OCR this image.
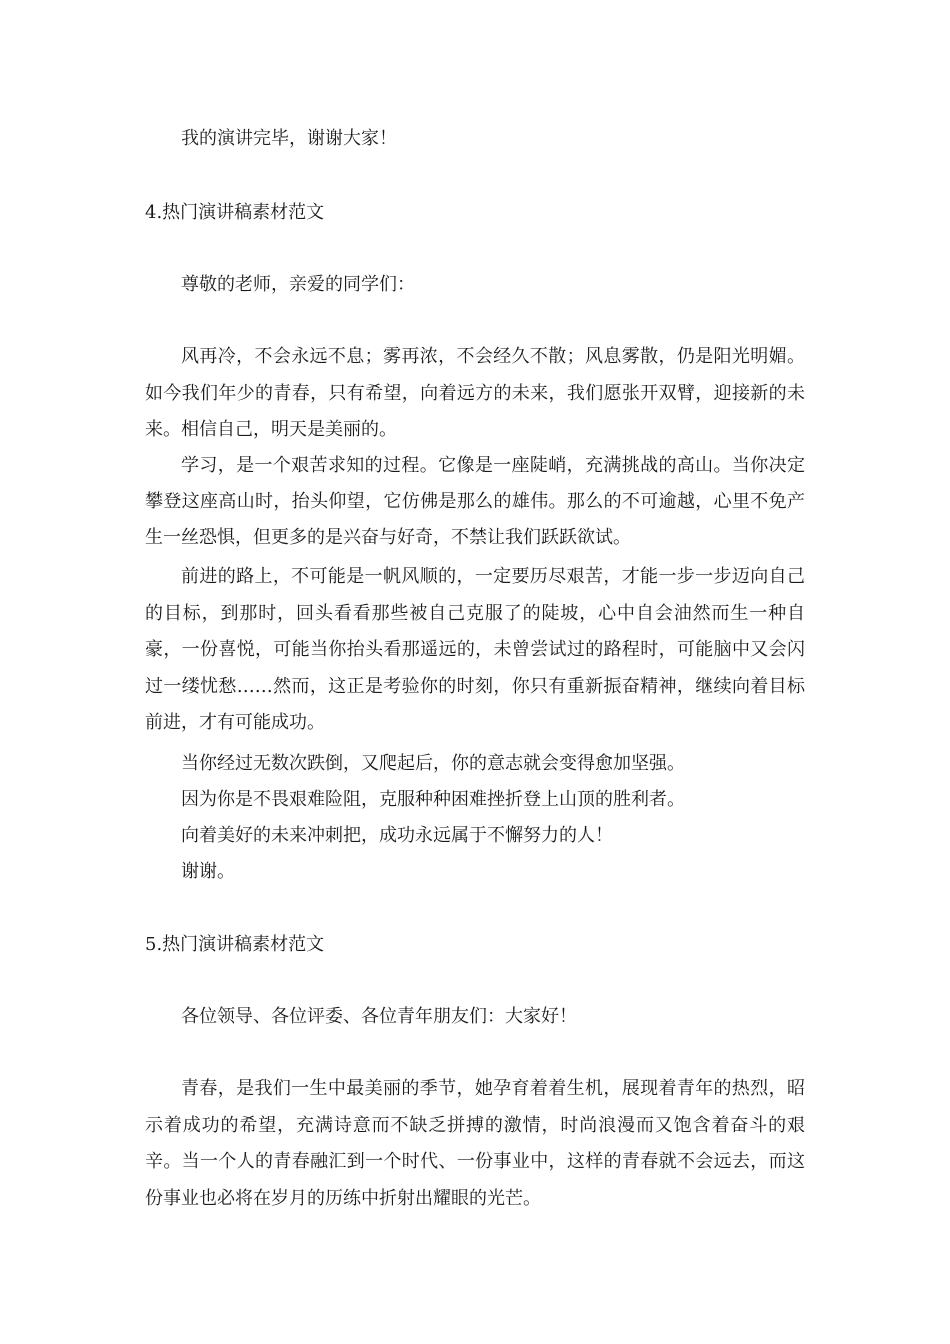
我的演讲完毕，谢谢大家！

4.热门演讲稿素材范文

尊敬的老师，亲爱的同学们：

风再冷，不会永远不息；雾再浓，不会经久不散；风息雾散，仍是阳光明媚。如今我们年少的青春，只有希望，向着远方的未来，我们愿张开双臂，迎接新的未来。相信自己，明天是美丽的。

学习，是一个艰苦求知的过程。它像是一座陡峭，充满挑战的高山。当你决定攀登这座高山时，抬头仰望，它仿佛是那么的雄伟。那么的不可逾越，心里不免产生一丝恐惧，但更多的是兴奋与好奇，不禁让我们跃跃欲试。

前进的路上，不可能是一帆风顺的，一定要历尽艰苦，才能一步一步迈向自己的目标，到那时，回头看看那些被自己克服了的陡坡，心中自会油然而生一种自豪，一份喜悦，可能当你抬头看那遥远的，未曾尝试过的路程时，可能脑中又会闪过一缕忧愁……然而，这正是考验你的时刻，你只有重新振奋精神，继续向着目标前进，才有可能成功。

当你经过无数次跌倒，又爬起后，你的意志就会变得愈加坚强。

因为你是不畏艰难险阻，克服种种困难挫折登上山顶的胜利者。

向着美好的未来冲刺把，成功永远属于不懈努力的人！

谢谢。

5.热门演讲稿素材范文

各位领导、各位评委、各位青年朋友们：大家好！

青春，是我们一生中最美丽的季节，她孕育着着生机，展现着青年的热烈，昭示着成功的希望，充满诗意而不缺乏拼搏的激情，时尚浪漫而又饱含着奋斗的艰辛。当一个人的青春融汇到一个时代、一份事业中，这样的青春就不会远去，而这份事业也必将在岁月的历练中折射出耀眼的光芒。
